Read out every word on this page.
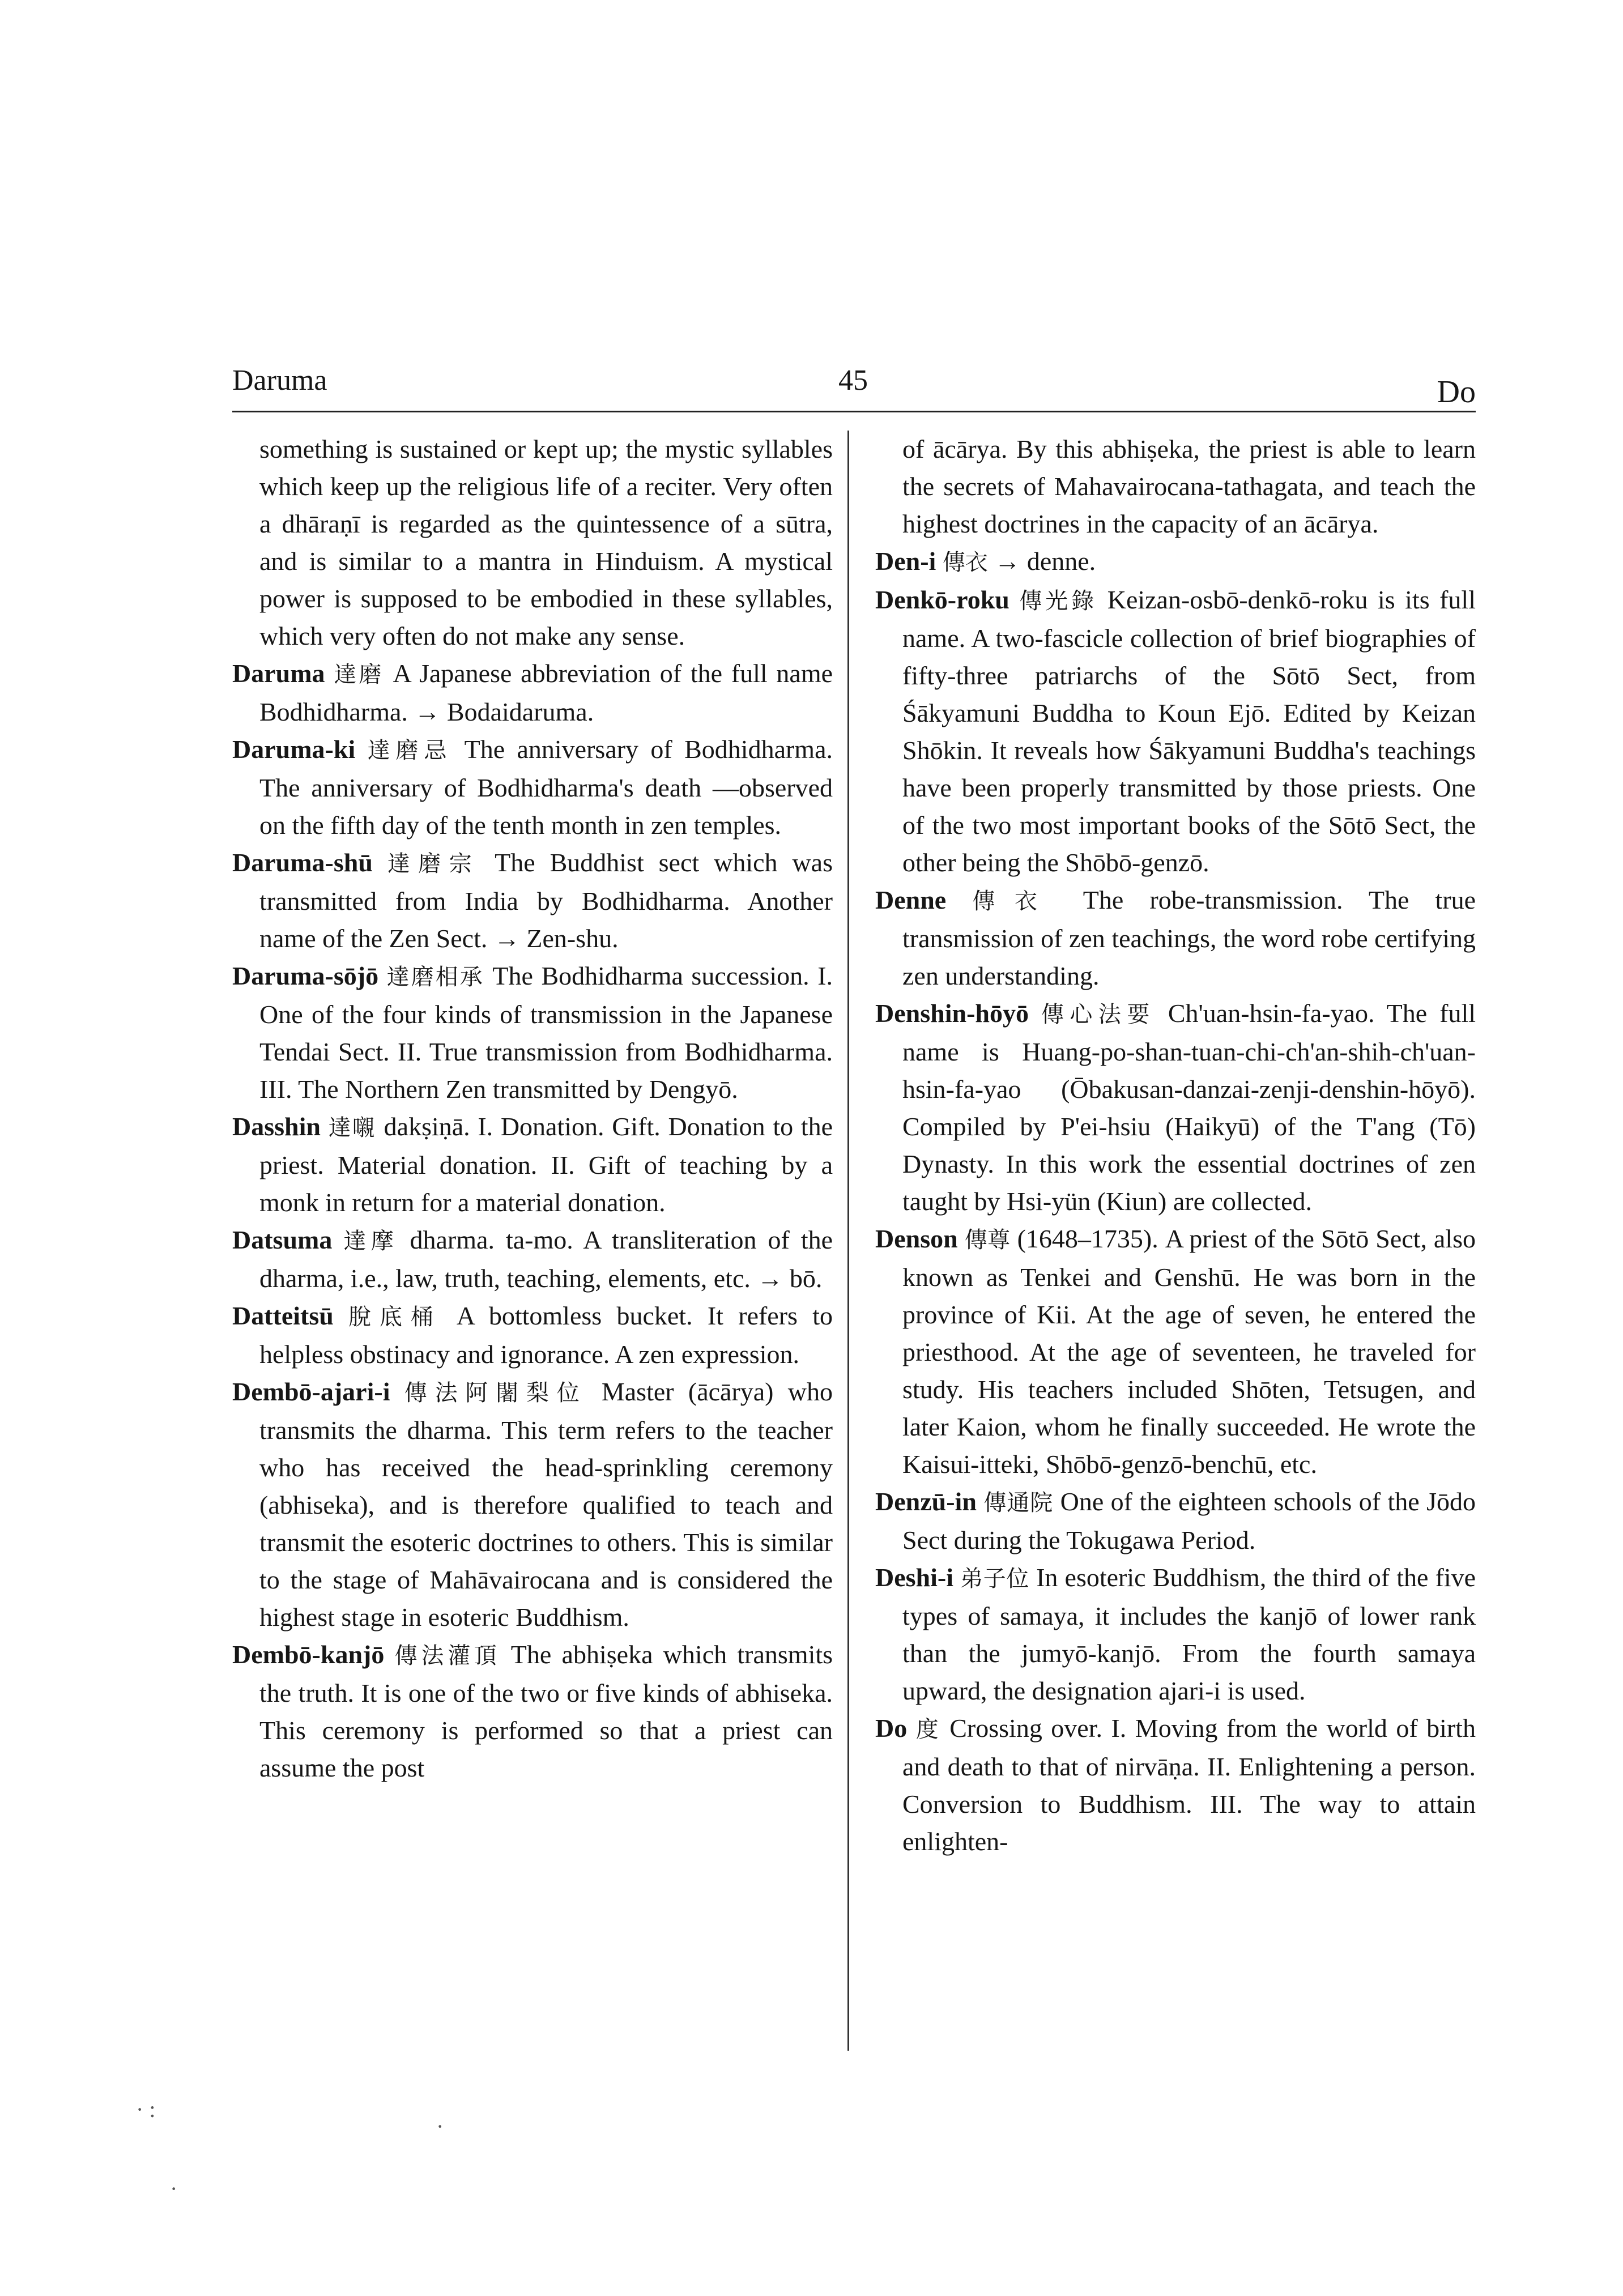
Daruma	45	Do

something is sustained or kept up; the mystic syllables which keep up the religious life of a reciter. Very often a dhāraṇī is regarded as the quintessence of a sūtra, and is similar to a mantra in Hinduism. A mystical power is supposed to be embodied in these syllables, which very often do not make any sense.

Daruma 達磨 A Japanese abbreviation of the full name Bodhidharma. → Bodaidaruma.

Daruma-ki 達磨忌 The anniversary of Bodhidharma. The anniversary of Bodhidharma's death —observed on the fifth day of the tenth month in zen temples.

Daruma-shū 達磨宗 The Buddhist sect which was transmitted from India by Bodhidharma. Another name of the Zen Sect. → Zen-shu.

Daruma-sōjō 達磨相承 The Bodhidharma succession. I. One of the four kinds of transmission in the Japanese Tendai Sect. II. True transmission from Bodhidharma. III. The Northern Zen transmitted by Dengyō.

Dasshin 達嚫 dakṣiṇā. I. Donation. Gift. Donation to the priest. Material donation. II. Gift of teaching by a monk in return for a material donation.

Datsuma 達摩 dharma. ta-mo. A transliteration of the dharma, i.e., law, truth, teaching, elements, etc. → bō.

Datteitsū 脫底桶 A bottomless bucket. It refers to helpless obstinacy and ignorance. A zen expression.

Dembō-ajari-i 傳法阿闍梨位 Master (ācārya) who transmits the dharma. This term refers to the teacher who has received the head-sprinkling ceremony (abhiseka), and is therefore qualified to teach and transmit the esoteric doctrines to others. This is similar to the stage of Mahāvairocana and is considered the highest stage in esoteric Buddhism.

Dembō-kanjō 傳法灌頂 The abhiṣeka which transmits the truth. It is one of the two or five kinds of abhiseka. This ceremony is performed so that a priest can assume the post

of ācārya. By this abhiṣeka, the priest is able to learn the secrets of Mahavairocana-tathagata, and teach the highest doctrines in the capacity of an ācārya.

Den-i 傳衣 → denne.

Denkō-roku 傳光錄 Keizan-osbō-denkō-roku is its full name. A two-fascicle collection of brief biographies of fifty-three patriarchs of the Sōtō Sect, from Śākyamuni Buddha to Koun Ejō. Edited by Keizan Shōkin. It reveals how Śākyamuni Buddha's teachings have been properly transmitted by those priests. One of the two most important books of the Sōtō Sect, the other being the Shōbō-genzō.

Denne 傳衣 The robe-transmission. The true transmission of zen teachings, the word robe certifying zen understanding.

Denshin-hōyō 傳心法要 Ch'uan-hsin-fa-yao. The full name is Huang-po-shan-tuan-chi-ch'an-shih-ch'uan-hsin-fa-yao (Ōbakusan-danzai-zenji-denshin-hōyō). Compiled by P'ei-hsiu (Haikyū) of the T'ang (Tō) Dynasty. In this work the essential doctrines of zen taught by Hsi-yün (Kiun) are collected.

Denson 傳尊 (1648–1735). A priest of the Sōtō Sect, also known as Tenkei and Genshū. He was born in the province of Kii. At the age of seven, he entered the priesthood. At the age of seventeen, he traveled for study. His teachers included Shōten, Tetsugen, and later Kaion, whom he finally succeeded. He wrote the Kaisui-itteki, Shōbō-genzō-benchū, etc.

Denzū-in 傳通院 One of the eighteen schools of the Jōdo Sect during the Tokugawa Period.

Deshi-i 弟子位 In esoteric Buddhism, the third of the five types of samaya, it includes the kanjō of lower rank than the jumyō-kanjō. From the fourth samaya upward, the designation ajari-i is used.

Do 度 Crossing over. I. Moving from the world of birth and death to that of nirvāṇa. II. Enlightening a person. Conversion to Buddhism. III. The way to attain enlighten-

· :
·
·
